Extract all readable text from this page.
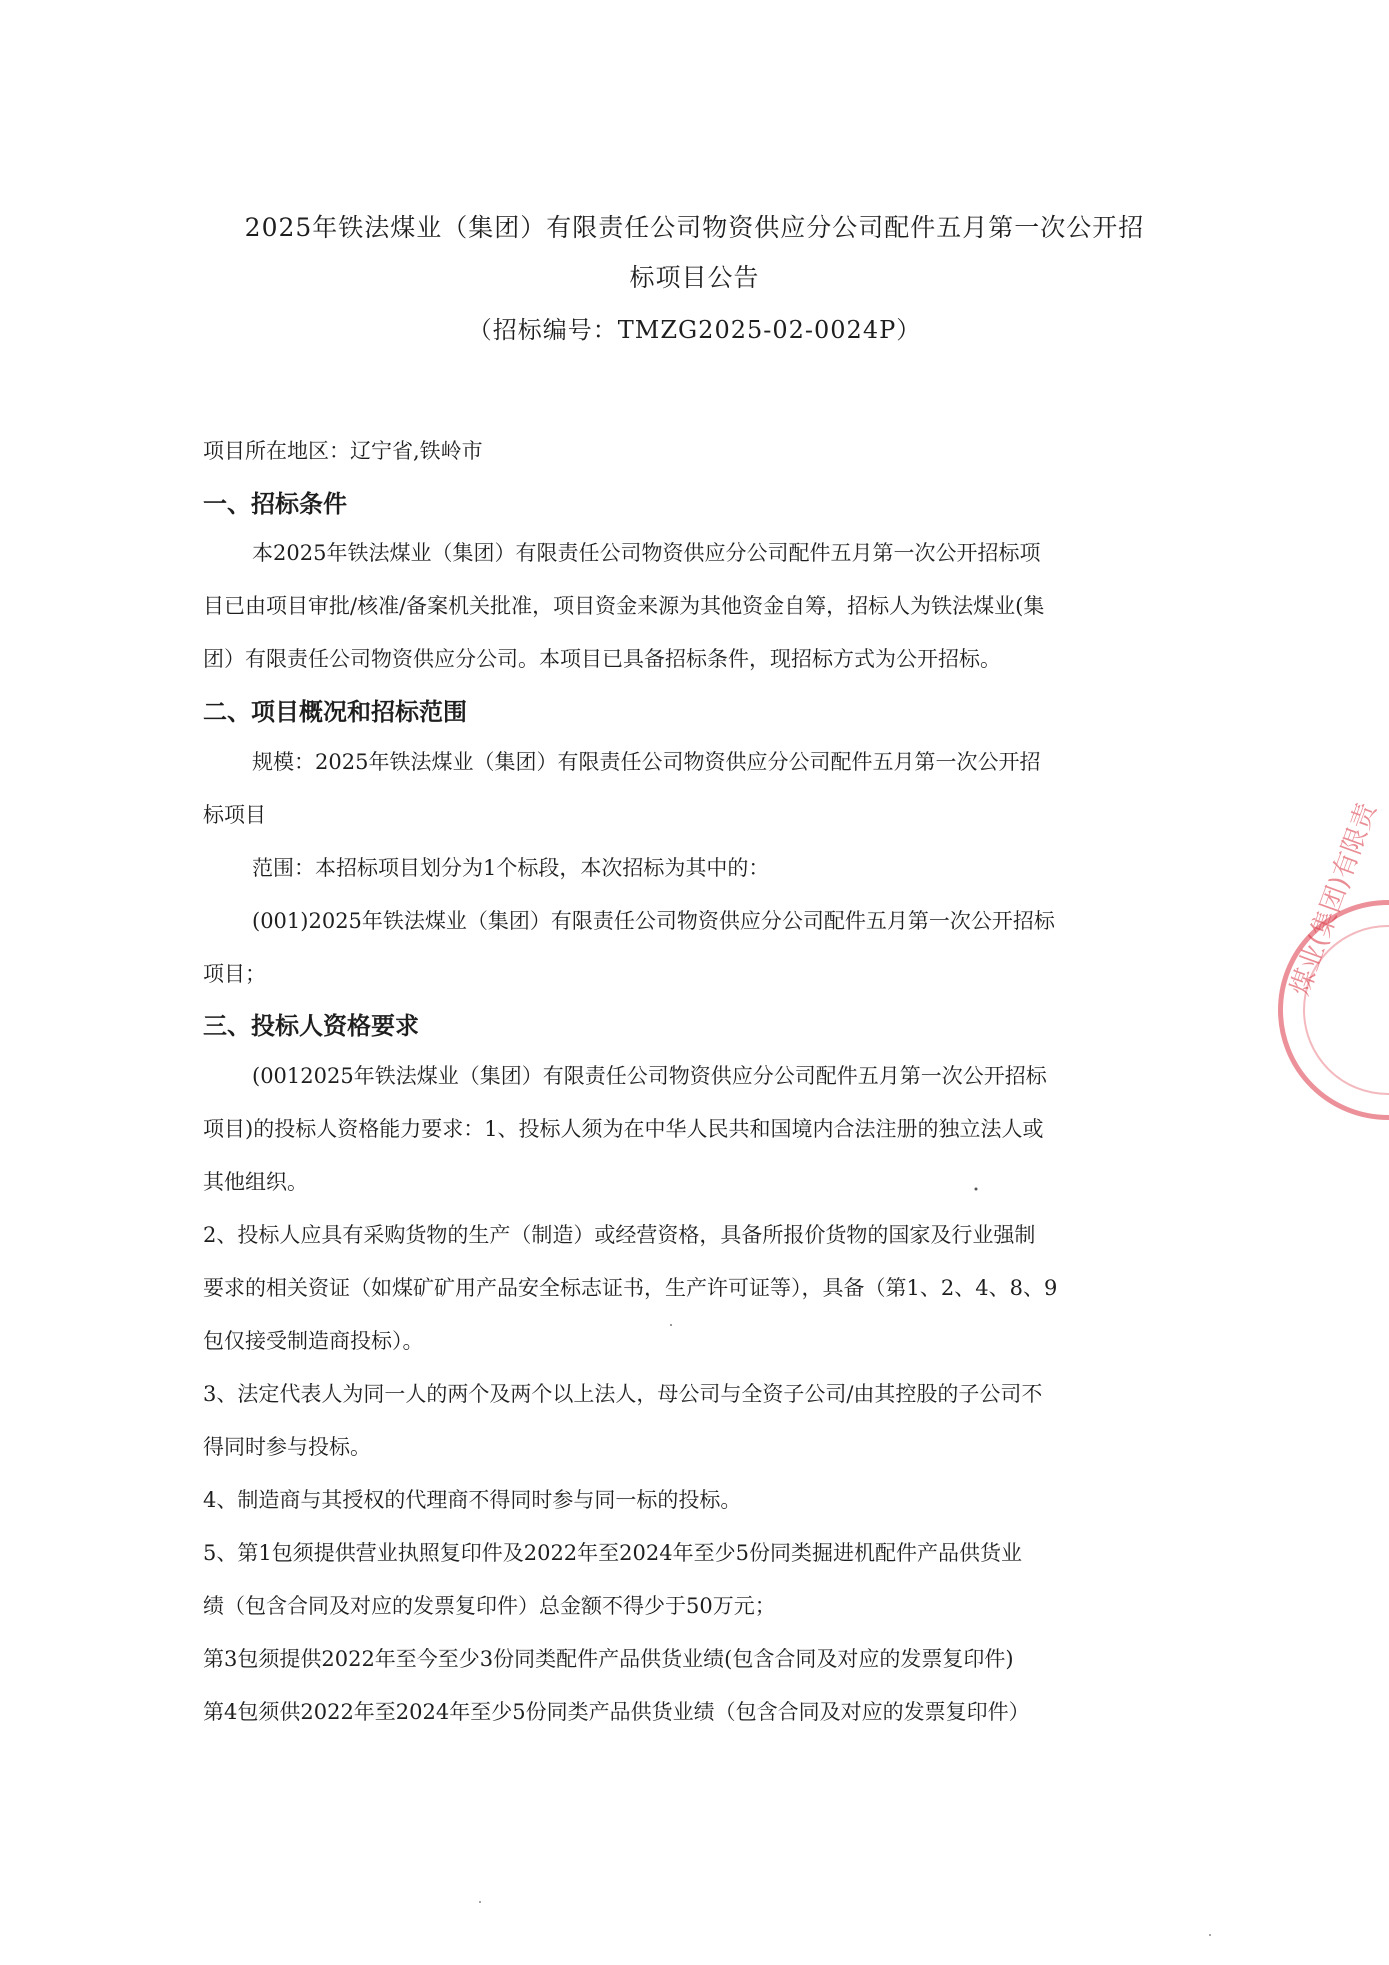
2025年铁法煤业（集团）有限责任公司物资供应分公司配件五月第一次公开招
标项目公告
（招标编号：TMZG2025-02-0024P）
项目所在地区：辽宁省,铁岭市
一、招标条件
本2025年铁法煤业（集团）有限责任公司物资供应分公司配件五月第一次公开招标项
目已由项目审批/核准/备案机关批准，项目资金来源为其他资金自筹，招标人为铁法煤业(集
团）有限责任公司物资供应分公司。本项目已具备招标条件，现招标方式为公开招标。
二、项目概况和招标范围
规模：2025年铁法煤业（集团）有限责任公司物资供应分公司配件五月第一次公开招
标项目
范围：本招标项目划分为1个标段，本次招标为其中的：
(001)2025年铁法煤业（集团）有限责任公司物资供应分公司配件五月第一次公开招标
项目；
三、投标人资格要求
(0012025年铁法煤业（集团）有限责任公司物资供应分公司配件五月第一次公开招标
项目)的投标人资格能力要求：1、投标人须为在中华人民共和国境内合法注册的独立法人或
其他组织。
2、投标人应具有采购货物的生产（制造）或经营资格，具备所报价货物的国家及行业强制
要求的相关资证（如煤矿矿用产品安全标志证书，生产许可证等），具备（第1、2、4、8、9
包仅接受制造商投标）。
3、法定代表人为同一人的两个及两个以上法人，母公司与全资子公司/由其控股的子公司不
得同时参与投标。
4、制造商与其授权的代理商不得同时参与同一标的投标。
5、第1包须提供营业执照复印件及2022年至2024年至少5份同类掘进机配件产品供货业
绩（包含合同及对应的发票复印件）总金额不得少于50万元；
第3包须提供2022年至今至少3份同类配件产品供货业绩(包含合同及对应的发票复印件)
第4包须供2022年至2024年至少5份同类产品供货业绩（包含合同及对应的发票复印件）
煤业(集团)有限责
